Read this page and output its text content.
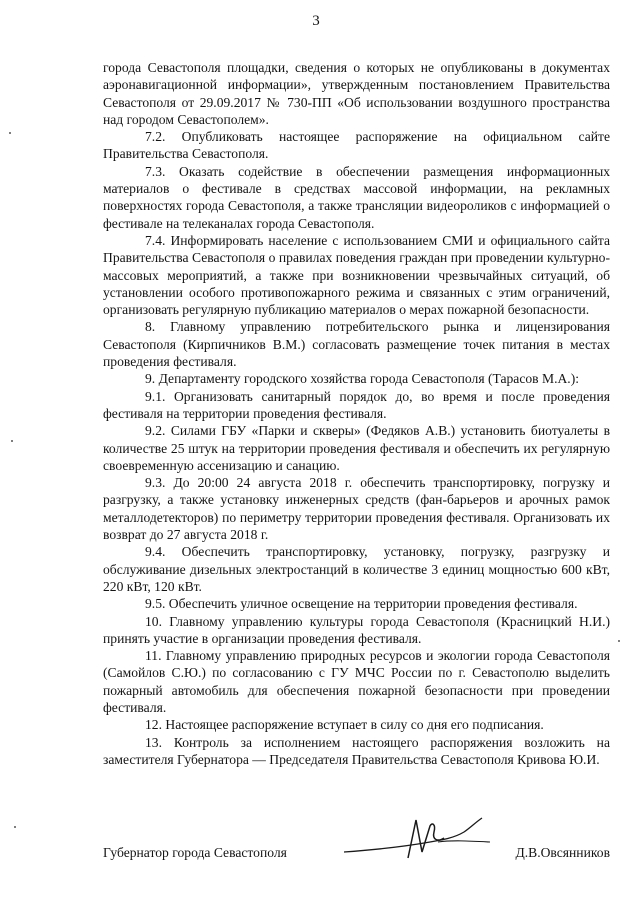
3

города Севастополя площадки, сведения о которых не опубликованы в документах аэронавигационной информации», утвержденным постановлением Правительства Севастополя от 29.09.2017 № 730-ПП «Об использовании воздушного пространства над городом Севастополем».

7.2. Опубликовать настоящее распоряжение на официальном сайте Правительства Севастополя.

7.3. Оказать содействие в обеспечении размещения информационных материалов о фестивале в средствах массовой информации, на рекламных поверхностях города Севастополя, а также трансляции видеороликов с информацией о фестивале на телеканалах города Севастополя.

7.4. Информировать население с использованием СМИ и официального сайта Правительства Севастополя о правилах поведения граждан при проведении культурно-массовых мероприятий, а также при возникновении чрезвычайных ситуаций, об установлении особого противопожарного режима и связанных с этим ограничений, организовать регулярную публикацию материалов о мерах пожарной безопасности.

8. Главному управлению потребительского рынка и лицензирования Севастополя (Кирпичников В.М.) согласовать размещение точек питания в местах проведения фестиваля.

9. Департаменту городского хозяйства города Севастополя (Тарасов М.А.):

9.1. Организовать санитарный порядок до, во время и после проведения фестиваля на территории проведения фестиваля.

9.2. Силами ГБУ «Парки и скверы» (Федяков А.В.) установить биотуалеты в количестве 25 штук на территории проведения фестиваля и обеспечить их регулярную своевременную ассенизацию и санацию.

9.3. До 20:00 24 августа 2018 г. обеспечить транспортировку, погрузку и разгрузку, а также установку инженерных средств (фан-барьеров и арочных рамок металлодетекторов) по периметру территории проведения фестиваля. Организовать их возврат до 27 августа 2018 г.

9.4. Обеспечить транспортировку, установку, погрузку, разгрузку и обслуживание дизельных электростанций в количестве 3 единиц мощностью 600 кВт, 220 кВт, 120 кВт.

9.5. Обеспечить уличное освещение на территории проведения фестиваля.

10. Главному управлению культуры города Севастополя (Красницкий Н.И.) принять участие в организации проведения фестиваля.

11. Главному управлению природных ресурсов и экологии города Севастополя (Самойлов С.Ю.) по согласованию с ГУ МЧС России по г. Севастополю выделить пожарный автомобиль для обеспечения пожарной безопасности при проведении фестиваля.

12. Настоящее распоряжение вступает в силу со дня его подписания.

13. Контроль за исполнением настоящего распоряжения возложить на заместителя Губернатора — Председателя Правительства Севастополя Кривова Ю.И.

Губернатор города Севастополя	Д.В.Овсянников
